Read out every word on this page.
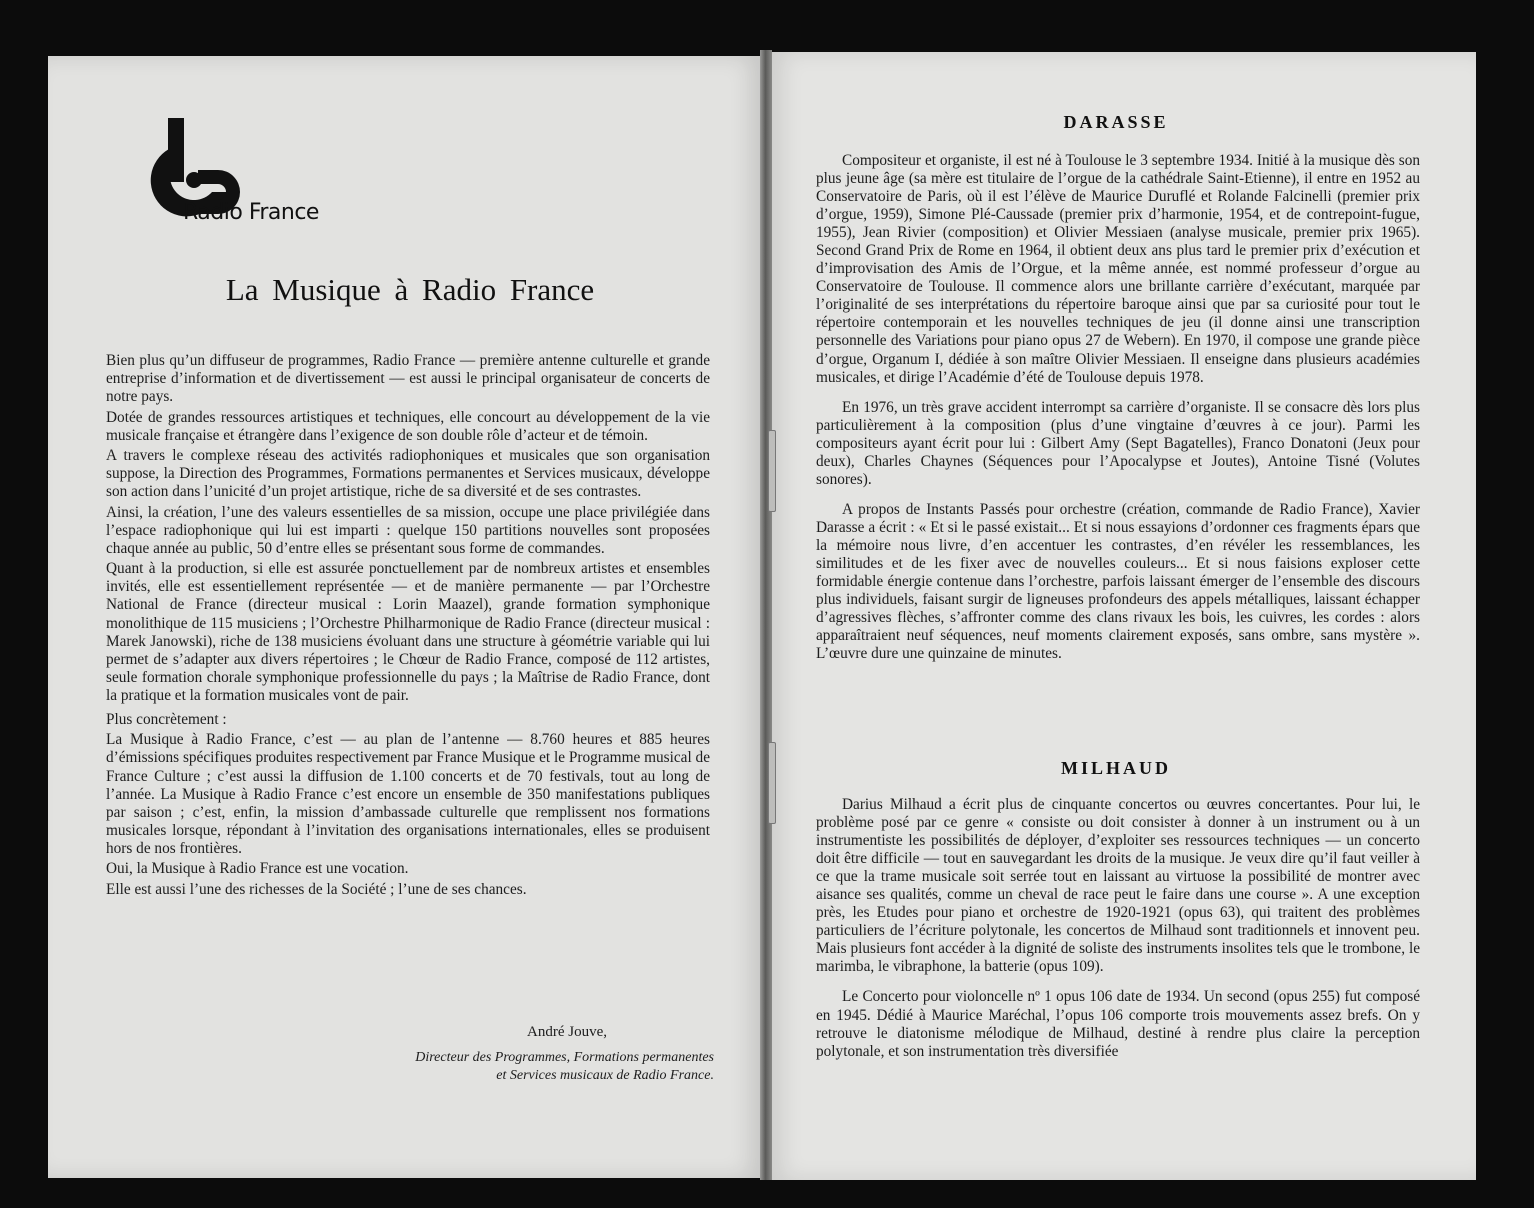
Radio France
La Musique à Radio France

Bien plus qu’un diffuseur de programmes, Radio France — première antenne culturelle et grande entreprise d’information et de divertissement — est aussi le principal organisateur de concerts de notre pays.

Dotée de grandes ressources artistiques et techniques, elle concourt au développement de la vie musicale française et étrangère dans l’exigence de son double rôle d’acteur et de témoin.

A travers le complexe réseau des activités radiophoniques et musicales que son organisation suppose, la Direction des Programmes, Formations permanentes et Services musicaux, développe son action dans l’unicité d’un projet artistique, riche de sa diversité et de ses contrastes.

Ainsi, la création, l’une des valeurs essentielles de sa mission, occupe une place privilégiée dans l’espace radiophonique qui lui est imparti : quelque 150 partitions nouvelles sont proposées chaque année au public, 50 d’entre elles se présentant sous forme de commandes.

Quant à la production, si elle est assurée ponctuellement par de nombreux artistes et ensembles invités, elle est essentiellement représentée — et de manière permanente — par l’Orchestre National de France (directeur musical : Lorin Maazel), grande formation symphonique monolithique de 115 musiciens ; l’Orchestre Philharmonique de Radio France (directeur musical : Marek Janowski), riche de 138 musiciens évoluant dans une structure à géométrie variable qui lui permet de s’adapter aux divers répertoires ; le Chœur de Radio France, composé de 112 artistes, seule formation chorale symphonique professionnelle du pays ; la Maîtrise de Radio France, dont la pratique et la formation musicales vont de pair.

Plus concrètement :

La Musique à Radio France, c’est — au plan de l’antenne — 8.760 heures et 885 heures d’émissions spécifiques produites respectivement par France Musique et le Programme musical de France Culture ; c’est aussi la diffusion de 1.100 concerts et de 70 festivals, tout au long de l’année. La Musique à Radio France c’est encore un ensemble de 350 manifestations publiques par saison ; c’est, enfin, la mission d’ambassade culturelle que remplissent nos formations musicales lorsque, répondant à l’invitation des organisations internationales, elles se produisent hors de nos frontières.

Oui, la Musique à Radio France est une vocation.

Elle est aussi l’une des richesses de la Société ; l’une de ses chances.

André Jouve,
Directeur des Programmes, Formations permanentes
et Services musicaux de Radio France.
DARASSE

Compositeur et organiste, il est né à Toulouse le 3 septembre 1934. Initié à la musique dès son plus jeune âge (sa mère est titulaire de l’orgue de la cathédrale Saint-Etienne), il entre en 1952 au Conservatoire de Paris, où il est l’élève de Maurice Duruflé et Rolande Falcinelli (premier prix d’orgue, 1959), Simone Plé-Caussade (premier prix d’harmonie, 1954, et de contrepoint-fugue, 1955), Jean Rivier (composition) et Olivier Messiaen (analyse musicale, premier prix 1965). Second Grand Prix de Rome en 1964, il obtient deux ans plus tard le premier prix d’exécution et d’improvisation des Amis de l’Orgue, et la même année, est nommé professeur d’orgue au Conservatoire de Toulouse. Il commence alors une brillante carrière d’exécutant, marquée par l’originalité de ses interprétations du répertoire baroque ainsi que par sa curiosité pour tout le répertoire contemporain et les nouvelles techniques de jeu (il donne ainsi une transcription personnelle des Variations pour piano opus 27 de Webern). En 1970, il compose une grande pièce d’orgue, Organum I, dédiée à son maître Olivier Messiaen. Il enseigne dans plusieurs académies musicales, et dirige l’Académie d’été de Toulouse depuis 1978.

En 1976, un très grave accident interrompt sa carrière d’organiste. Il se consacre dès lors plus particulièrement à la composition (plus d’une vingtaine d’œuvres à ce jour). Parmi les compositeurs ayant écrit pour lui : Gilbert Amy (Sept Bagatelles), Franco Donatoni (Jeux pour deux), Charles Chaynes (Séquences pour l’Apocalypse et Joutes), Antoine Tisné (Volutes sonores).

A propos de Instants Passés pour orchestre (création, commande de Radio France), Xavier Darasse a écrit : « Et si le passé existait... Et si nous essayions d’ordonner ces fragments épars que la mémoire nous livre, d’en accentuer les contrastes, d’en révéler les ressemblances, les similitudes et de les fixer avec de nouvelles couleurs... Et si nous faisions exploser cette formidable énergie contenue dans l’orchestre, parfois laissant émerger de l’ensemble des discours plus individuels, faisant surgir de ligneuses profondeurs des appels métalliques, laissant échapper d’agressives flèches, s’affronter comme des clans rivaux les bois, les cuivres, les cordes : alors apparaîtraient neuf séquences, neuf moments clairement exposés, sans ombre, sans mystère ». L’œuvre dure une quinzaine de minutes.

MILHAUD

Darius Milhaud a écrit plus de cinquante concertos ou œuvres concertantes. Pour lui, le problème posé par ce genre « consiste ou doit consister à donner à un instrument ou à un instrumentiste les possibilités de déployer, d’exploiter ses ressources techniques — un concerto doit être difficile — tout en sauvegardant les droits de la musique. Je veux dire qu’il faut veiller à ce que la trame musicale soit serrée tout en laissant au virtuose la possibilité de montrer avec aisance ses qualités, comme un cheval de race peut le faire dans une course ». A une exception près, les Etudes pour piano et orchestre de 1920-1921 (opus 63), qui traitent des problèmes particuliers de l’écriture polytonale, les concertos de Milhaud sont traditionnels et innovent peu. Mais plusieurs font accéder à la dignité de soliste des instruments insolites tels que le trombone, le marimba, le vibraphone, la batterie (opus 109).

Le Concerto pour violoncelle nº 1 opus 106 date de 1934. Un second (opus 255) fut composé en 1945. Dédié à Maurice Maréchal, l’opus 106 comporte trois mouvements assez brefs. On y retrouve le diatonisme mélodique de Milhaud, destiné à rendre plus claire la perception polytonale, et son instrumentation très diversifiée
